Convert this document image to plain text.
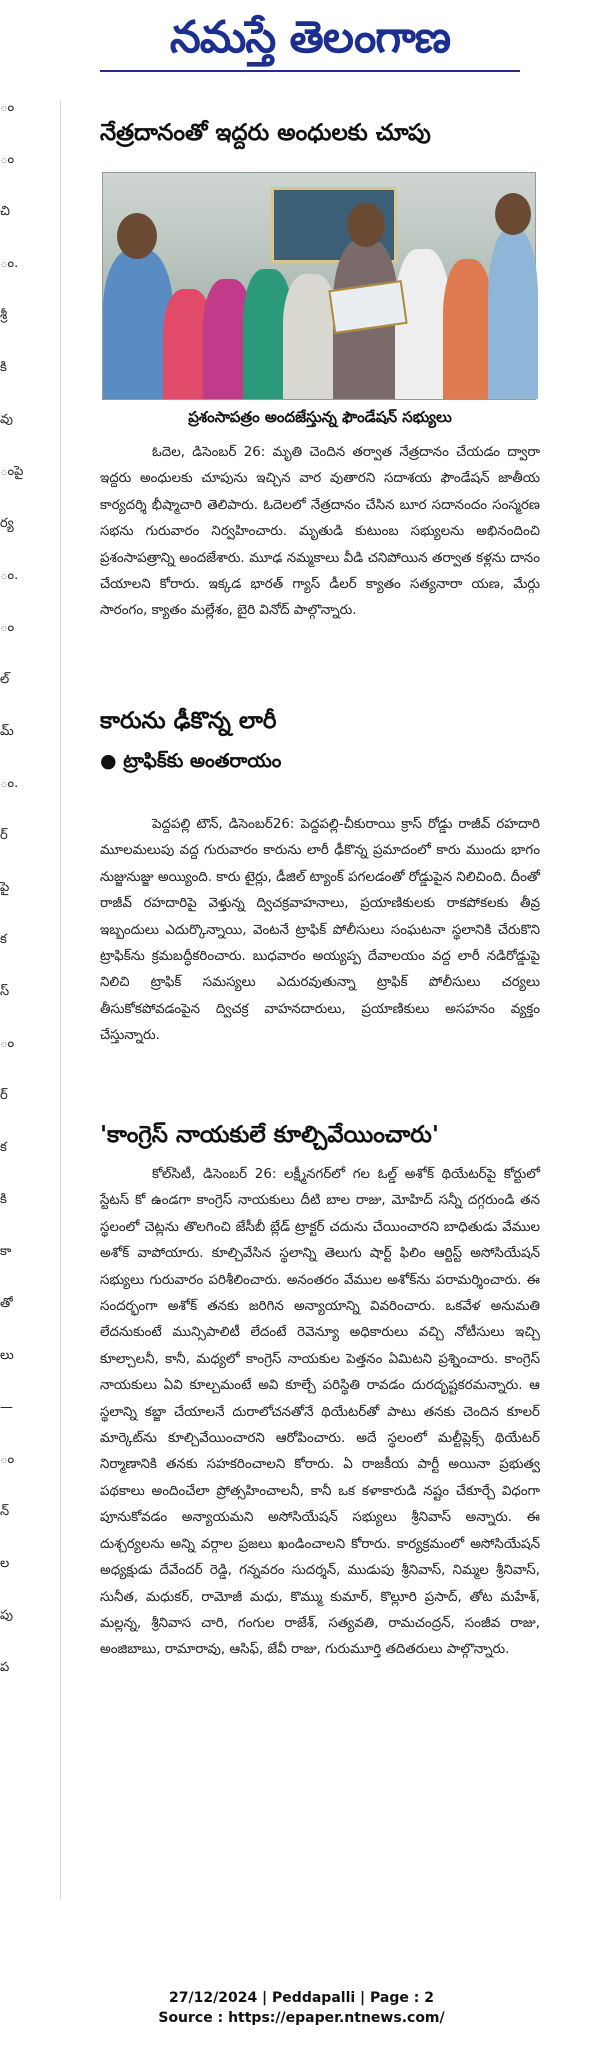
నమస్తే తెలంగాణ
ం
ం
చి
ం.
శ్రీ
కి
వు
ంపై
ర్య
ం.
ం
ల్
మ్
ం.
ర్
పై
క
స్
ం
ర్
క
కి
కా
తో
లు
—
ం
న్
ల
పు
ప
నేత్రదానంతో ఇద్దరు అంధులకు చూపు
ప్రశంసాపత్రం అందజేస్తున్న ఫౌండేషన్ సభ్యులు

ఓదెల, డిసెంబర్ 26: మృతి చెందిన తర్వాత నేత్రదానం చేయడం ద్వారా ఇద్దరు అంధులకు చూపును ఇచ్చిన వార వుతారని సదాశయ ఫౌండేషన్ జాతీయ కార్యదర్శి భీష్మాచారి తెలిపారు. ఓదెలలో నేత్రదానం చేసిన బూర సదానందం సంస్మరణ సభను గురువారం నిర్వహించారు. మృతుడి కుటుంబ సభ్యులను అభినందించి ప్రశంసాపత్రాన్ని అందజేశారు. మూఢ నమ్మకాలు వీడి చనిపోయిన తర్వాత కళ్లను దానం చేయాలని కోరారు. ఇక్కడ భారత్ గ్యాస్ డీలర్ క్యాతం సత్యనారా యణ, మేర్గు సారంగం, క్యాతం మల్లేశం, బైరి వినోద్ పాల్గొన్నారు.

కారును ఢీకొన్న లారీ
● ట్రాఫిక్‌కు అంతరాయం

పెద్దపల్లి టౌన్, డిసెంబర్26: పెద్దపల్లి-చీకురాయి క్రాస్ రోడ్డు రాజీవ్ రహదారి మూలమలుపు వద్ద గురువారం కారును లారీ ఢీకొన్న ప్రమాదంలో కారు ముందు భాగం నుజ్జునుజ్జు అయ్యింది. కారు టైర్లు, డీజిల్ ట్యాంక్ పగలడంతో రోడ్డుపైన నిలిచింది. దీంతో రాజీవ్ రహదారిపై వెళ్తున్న ద్విచక్రవాహనాలు, ప్రయాణికులకు రాకపోకలకు తీవ్ర ఇబ్బందులు ఎదుర్కొన్నాయి, వెంటనే ట్రాఫిక్ పోలీసులు సంఘటనా స్థలానికి చేరుకొని ట్రాఫిక్‌ను క్రమబద్ధీకరించారు. బుధవారం అయ్యప్ప దేవాలయం వద్ద లారీ నడిరోడ్డుపై నిలిచి ట్రాఫిక్ సమస్యలు ఎదురవుతున్నా ట్రాఫిక్ పోలీసులు చర్యలు తీసుకోకపోవడంపైన ద్విచక్ర వాహనదారులు, ప్రయాణికులు అసహనం వ్యక్తం చేస్తున్నారు.

'కాంగ్రెస్ నాయకులే కూల్చివేయించారు'

కోల్‌సిటీ, డిసెంబర్ 26: లక్ష్మీనగర్‌లో గల ఓల్డ్ అశోక్ థియేటర్‌పై కోర్టులో స్టేటస్ కో ఉండగా కాంగ్రెస్ నాయకులు దీటి బాల రాజు, మోహిద్ సన్నీ దగ్గరుండి తన స్థలంలో చెట్లను తొలగించి జేసీబీ బ్లేడ్ ట్రాక్టర్ చదును చేయించారని బాధితుడు వేముల అశోక్ వాపోయారు. కూల్చివేసిన స్థలాన్ని తెలుగు షార్ట్ ఫిలిం ఆర్టిస్ట్ అసోసియేషన్ సభ్యులు గురువారం పరిశీలించారు. అనంతరం వేముల అశోక్‌ను పరామర్శించారు. ఈ సందర్భంగా అశోక్ తనకు జరిగిన అన్యాయాన్ని వివరించారు. ఒకవేళ అనుమతి లేదనుకుంటే మున్సిపాలిటీ లేదంటే రెవెన్యూ అధికారులు వచ్చి నోటీసులు ఇచ్చి కూల్చాలనీ, కానీ, మధ్యలో కాంగ్రెస్ నాయకుల పెత్తనం ఏమిటని ప్రశ్నించారు. కాంగ్రెస్ నాయకులు ఏవి కూల్చమంటే అవి కూల్చే పరిస్థితి రావడం దురదృష్టకరమన్నారు. ఆ స్థలాన్ని కబ్జా చేయాలనే దురాలోచనతోనే థియేటర్‌తో పాటు తనకు చెందిన కూలర్ మార్కెట్‌ను కూల్చివేయించారని ఆరోపించారు. అదే స్థలంలో మల్టీప్లెక్స్ థియేటర్ నిర్మాణానికి తనకు సహకరించాలని కోరారు. ఏ రాజకీయ పార్టీ అయినా ప్రభుత్వ పథకాలు అందించేలా ప్రోత్సహించాలనీ, కానీ ఒక కళాకారుడి నష్టం చేకూర్చే విధంగా పూనుకోవడం అన్యాయమని అసోసియేషన్ సభ్యులు శ్రీనివాస్ అన్నారు. ఈ దుశ్చర్యలను అన్ని వర్గాల ప్రజలు ఖండించాలని కోరారు. కార్యక్రమంలో అసోసియేషన్ అధ్యక్షుడు దేవేందర్ రెడ్డి, గన్నవరం సుదర్శన్, ముడుపు శ్రీనివాస్, నిమ్మల శ్రీనివాస్, సునీత, మధుకర్, రామోజీ మధు, కొమ్ము కుమార్, కొల్లూరి ప్రసాద్, తోట మహేశ్, మల్లన్న, శ్రీనివాస చారి, గంగుల రాజేశ్, సత్యవతి, రామచంద్రన్, సంజీవ రాజు, అంజిబాబు, రామారావు, ఆసిఫ్, జేవీ రాజు, గురుమూర్తి తదితరులు పాల్గొన్నారు.

27/12/2024 | Peddapalli | Page : 2
Source : https://epaper.ntnews.com/
